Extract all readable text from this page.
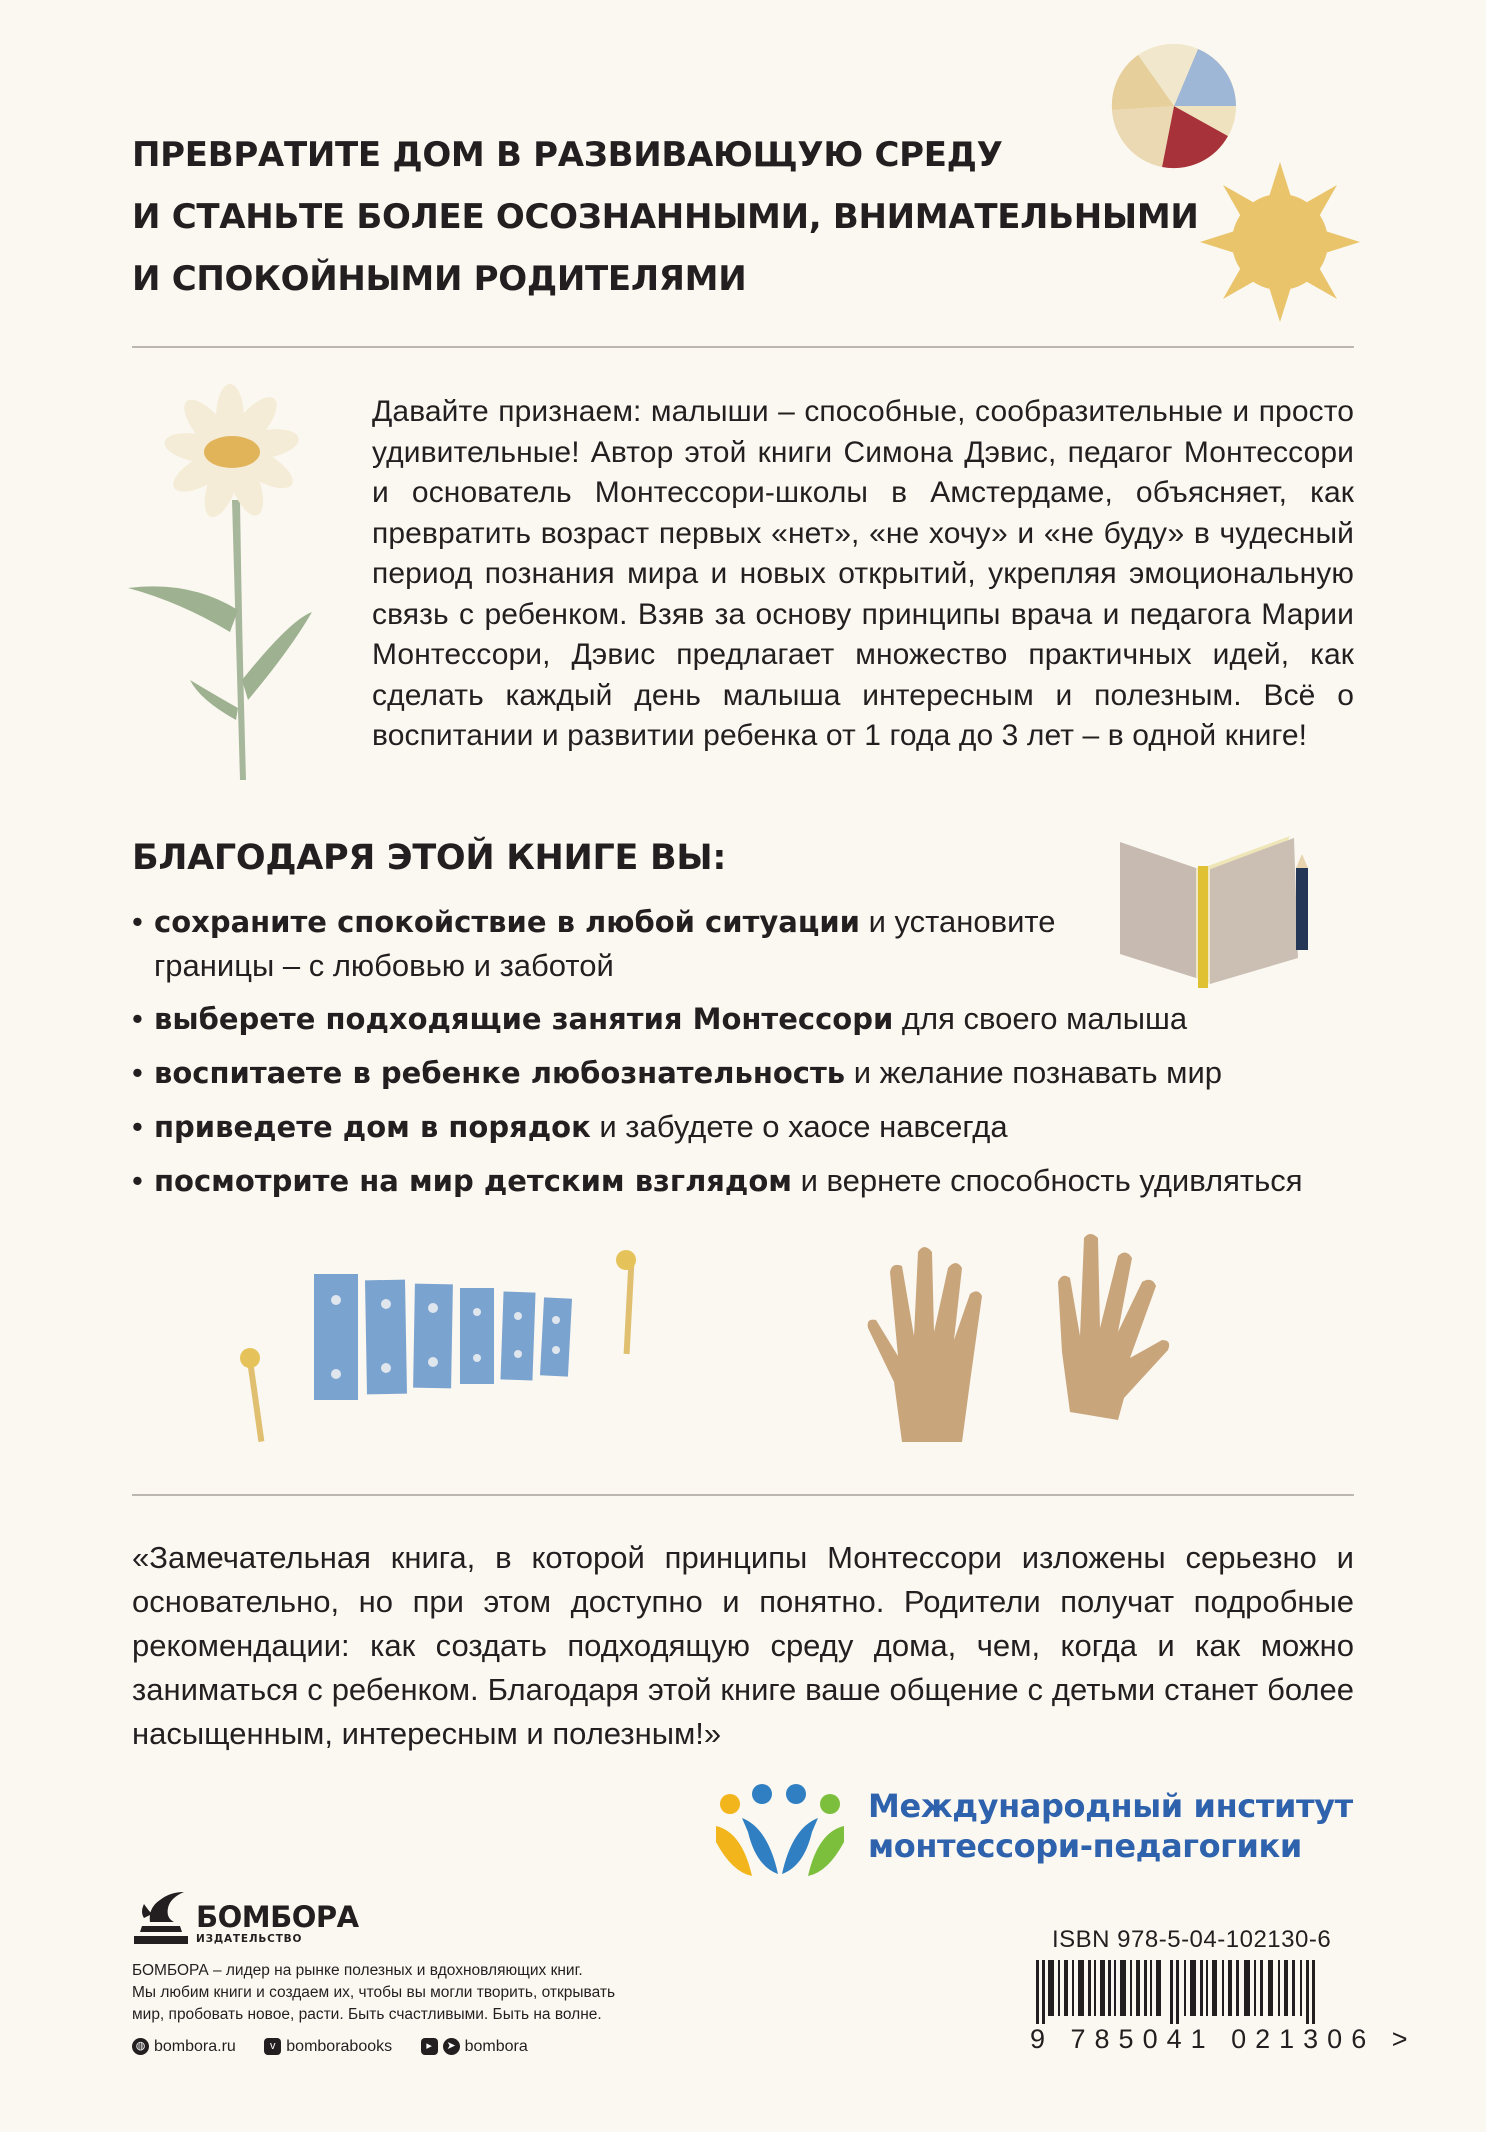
ПРЕВРАТИТЕ ДОМ В РАЗВИВАЮЩУЮ СРЕДУ
И СТАНЬТЕ БОЛЕЕ ОСОЗНАННЫМИ, ВНИМАТЕЛЬНЫМИ
И СПОКОЙНЫМИ РОДИТЕЛЯМИ
Давайте признаем: малыши – способные, сообразительные и просто удивительные! Автор этой книги Симона Дэвис, педагог Монтессори и основатель Монтессори-школы в Амстердаме, объясняет, как превратить возраст первых «нет», «не хочу» и «не буду» в чудесный период познания мира и новых открытий, укрепляя эмоциональную связь с ребенком. Взяв за основу принципы врача и педагога Марии Монтессори, Дэвис предлагает множество практичных идей, как сделать каждый день малыша интересным и полезным. Всё о воспитании и развитии ребенка от 1 года до 3 лет – в одной книге!
БЛАГОДАРЯ ЭТОЙ КНИГЕ ВЫ:
• сохраните спокойствие в любой ситуации и установите
границы – с любовью и заботой
• выберете подходящие занятия Монтессори для своего малыша
• воспитаете в ребенке любознательность и желание познавать мир
• приведете дом в порядок и забудете о хаосе навсегда
• посмотрите на мир детским взглядом и вернете способность удивляться
«Замечательная книга, в которой принципы Монтессори изложены серьезно и основательно, но при этом доступно и понятно. Родители получат подробные рекомендации: как создать подходящую среду дома, чем, когда и как можно заниматься с ребенком. Благодаря этой книге ваше общение с детьми станет более насыщенным, интересным и полезным!»
Международный институт
монтессори-педагогики
БОМБОРА
ИЗДАТЕЛЬСТВО
БОМБОРА – лидер на рынке полезных и вдохновляющих книг.
Мы любим книги и создаем их, чтобы вы могли творить, открывать
мир, пробовать новое, расти. Быть счастливыми. Быть на волне.
◍ bombora.ru
	v bomborabooks
	▸	➤ bombora
ISBN 978-5-04-102130-6
9 785041 021306 >
